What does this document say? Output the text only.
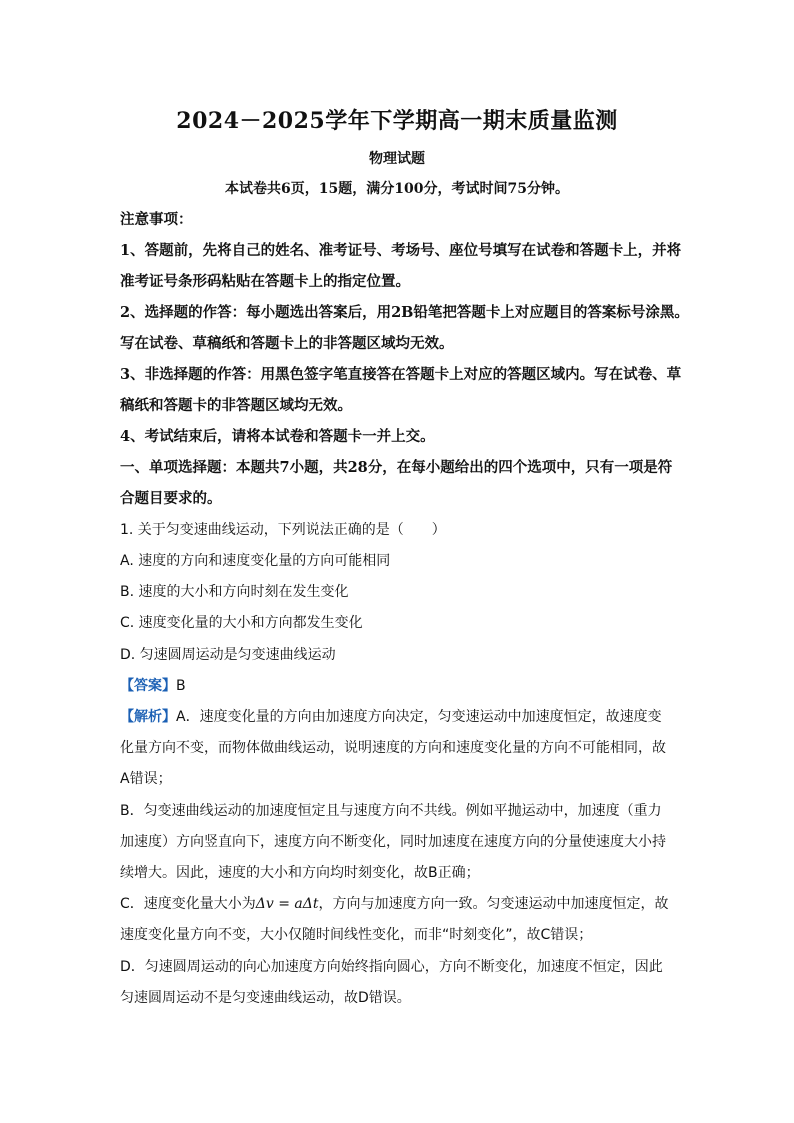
2024－2025学年下学期高一期末质量监测
物理试题
本试卷共6页，15题，满分100分，考试时间75分钟。
注意事项：
1、答题前，先将自己的姓名、准考证号、考场号、座位号填写在试卷和答题卡上，并将
准考证号条形码粘贴在答题卡上的指定位置。
2、选择题的作答：每小题选出答案后，用2B铅笔把答题卡上对应题目的答案标号涂黑。
写在试卷、草稿纸和答题卡上的非答题区域均无效。
3、非选择题的作答：用黑色签字笔直接答在答题卡上对应的答题区域内。写在试卷、草
稿纸和答题卡的非答题区域均无效。
4、考试结束后，请将本试卷和答题卡一并上交。
一、单项选择题：本题共7小题，共28分，在每小题给出的四个选项中，只有一项是符
合题目要求的。
1. 关于匀变速曲线运动，下列说法正确的是（　　）
A. 速度的方向和速度变化量的方向可能相同
B. 速度的大小和方向时刻在发生变化
C. 速度变化量的大小和方向都发生变化
D. 匀速圆周运动是匀变速曲线运动
【答案】B
【解析】A．速度变化量的方向由加速度方向决定，匀变速运动中加速度恒定，故速度变
化量方向不变，而物体做曲线运动，说明速度的方向和速度变化量的方向不可能相同，故
A错误；
B．匀变速曲线运动的加速度恒定且与速度方向不共线。例如平抛运动中，加速度（重力
加速度）方向竖直向下，速度方向不断变化，同时加速度在速度方向的分量使速度大小持
续增大。因此，速度的大小和方向均时刻变化，故B正确；
C．速度变化量大小为Δv = aΔt，方向与加速度方向一致。匀变速运动中加速度恒定，故
速度变化量方向不变，大小仅随时间线性变化，而非“时刻变化”，故C错误；
D．匀速圆周运动的向心加速度方向始终指向圆心，方向不断变化，加速度不恒定，因此
匀速圆周运动不是匀变速曲线运动，故D错误。
